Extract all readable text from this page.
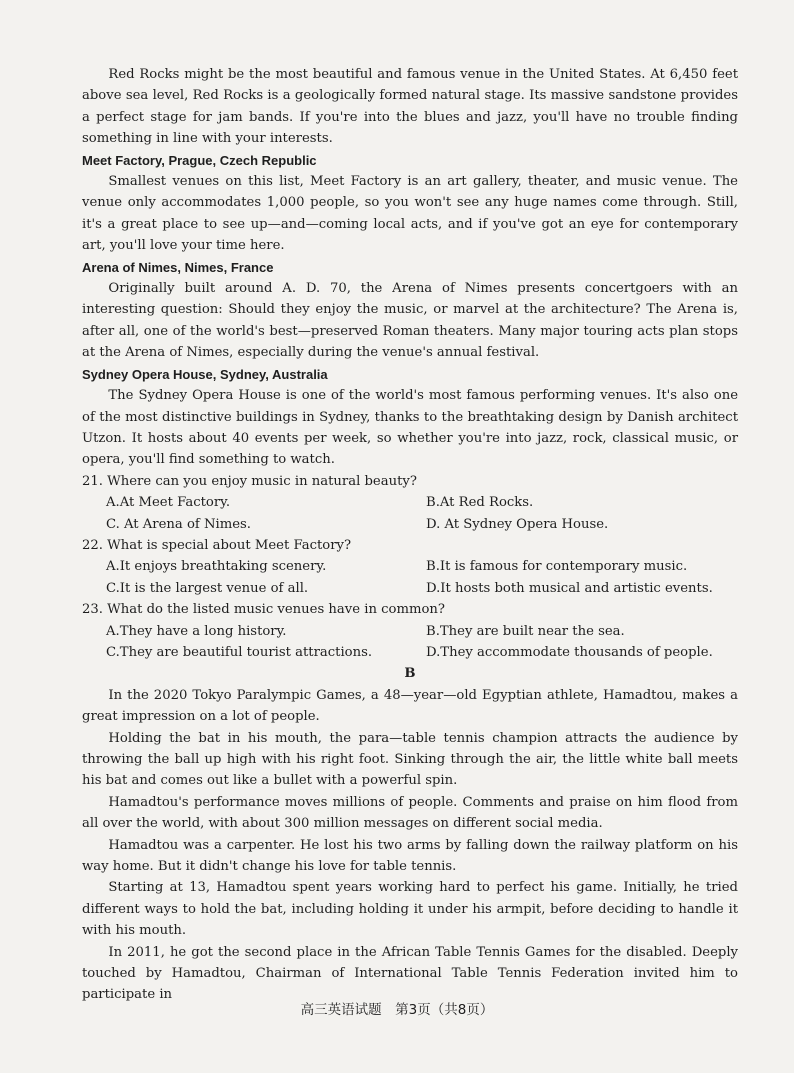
Red Rocks might be the most beautiful and famous venue in the United States. At 6,450 feet above sea level, Red Rocks is a geologically formed natural stage. Its massive sandstone provides a perfect stage for jam bands. If you're into the blues and jazz, you'll have no trouble finding something in line with your interests.

Meet Factory, Prague, Czech Republic

Smallest venues on this list, Meet Factory is an art gallery, theater, and music venue. The venue only accommodates 1,000 people, so you won't see any huge names come through. Still, it's a great place to see up—and—coming local acts, and if you've got an eye for contemporary art, you'll love your time here.

Arena of Nimes, Nimes, France

Originally built around A. D. 70, the Arena of Nimes presents concertgoers with an interesting question: Should they enjoy the music, or marvel at the architecture? The Arena is, after all, one of the world's best—preserved Roman theaters. Many major touring acts plan stops at the Arena of Nimes, especially during the venue's annual festival.

Sydney Opera House, Sydney, Australia

The Sydney Opera House is one of the world's most famous performing venues. It's also one of the most distinctive buildings in Sydney, thanks to the breathtaking design by Danish architect Utzon. It hosts about 40 events per week, so whether you're into jazz, rock, classical music, or opera, you'll find something to watch.

21. Where can you enjoy music in natural beauty?

A.At Meet Factory.	B.At Red Rocks.
C. At Arena of Nimes.	D. At Sydney Opera House.

22. What is special about Meet Factory?

A.It enjoys breathtaking scenery.	B.It is famous for contemporary music.
C.It is the largest venue of all.	D.It hosts both musical and artistic events.

23. What do the listed music venues have in common?

A.They have a long history.	B.They are built near the sea.
C.They are beautiful tourist attractions.	D.They accommodate thousands of people.

B

In the 2020 Tokyo Paralympic Games, a 48—year—old Egyptian athlete, Hamadtou, makes a great impression on a lot of people.

Holding the bat in his mouth, the para—table tennis champion attracts the audience by throwing the ball up high with his right foot. Sinking through the air, the little white ball meets his bat and comes out like a bullet with a powerful spin.

Hamadtou's performance moves millions of people. Comments and praise on him flood from all over the world, with about 300 million messages on different social media.

Hamadtou was a carpenter. He lost his two arms by falling down the railway platform on his way home. But it didn't change his love for table tennis.

Starting at 13, Hamadtou spent years working hard to perfect his game. Initially, he tried different ways to hold the bat, including holding it under his armpit, before deciding to handle it with his mouth.

In 2011, he got the second place in the African Table Tennis Games for the disabled. Deeply touched by Hamadtou, Chairman of International Table Tennis Federation invited him to participate in

高三英语试题　第3页（共8页）
